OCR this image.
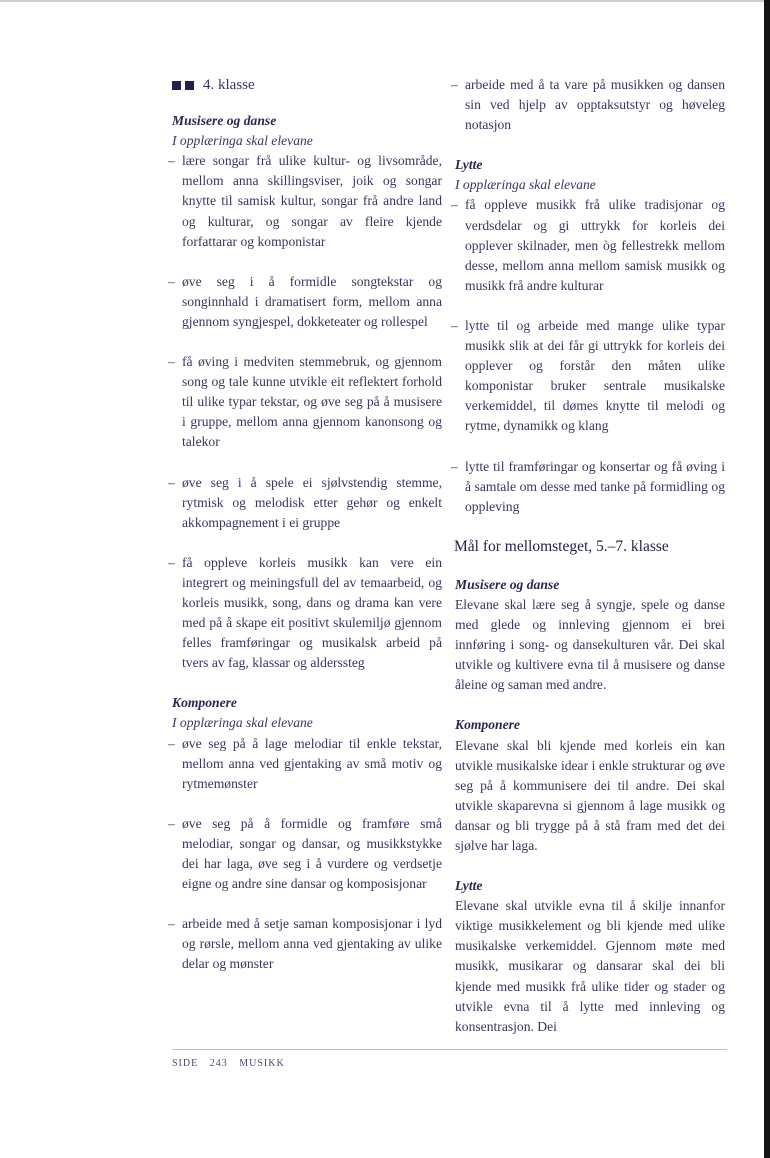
4. klasse

Musisere og danse

I opplæringa skal elevane

– lære songar frå ulike kultur- og livsområde, mellom anna skillingsviser, joik og songar knytte til samisk kultur, songar frå andre land og kulturar, og songar av fleire kjende forfattarar og komponistar
– øve seg i å formidle songtekstar og songinnhald i dramatisert form, mellom anna gjennom syngjespel, dokketeater og rollespel
– få øving i medviten stemmebruk, og gjennom song og tale kunne utvikle eit reflektert forhold til ulike typar tekstar, og øve seg på å musisere i gruppe, mellom anna gjennom kanonsong og talekor
– øve seg i å spele ei sjølvstendig stemme, rytmisk og melodisk etter gehør og enkelt akkompagnement i ei gruppe
– få oppleve korleis musikk kan vere ein integrert og meiningsfull del av temaarbeid, og korleis musikk, song, dans og drama kan vere med på å skape eit positivt skulemiljø gjennom felles framføringar og musikalsk arbeid på tvers av fag, klassar og alderssteg

Komponere

I opplæringa skal elevane

– øve seg på å lage melodiar til enkle tekstar, mellom anna ved gjentaking av små motiv og rytmemønster
– øve seg på å formidle og framføre små melodiar, songar og dansar, og musikkstykke dei har laga, øve seg i å vurdere og verdsetje eigne og andre sine dansar og komposisjonar
– arbeide med å setje saman komposisjonar i lyd og rørsle, mellom anna ved gjentaking av ulike delar og mønster
– arbeide med å ta vare på musikken og dansen sin ved hjelp av opptaksutstyr og høveleg notasjon

Lytte

I opplæringa skal elevane

– få oppleve musikk frå ulike tradisjonar og verdsdelar og gi uttrykk for korleis dei opplever skilnader, men òg fellestrekk mellom desse, mellom anna mellom samisk musikk og musikk frå andre kulturar
– lytte til og arbeide med mange ulike typar musikk slik at dei får gi uttrykk for korleis dei opplever og forstår den måten ulike komponistar bruker sentrale musikalske verkemiddel, til dømes knytte til melodi og rytme, dynamikk og klang
– lytte til framføringar og konsertar og få øving i å samtale om desse med tanke på formidling og oppleving
Mål for mellomsteget, 5.–7. klasse

Musisere og danse

Elevane skal lære seg å syngje, spele og danse med glede og innleving gjennom ei brei innføring i song- og dansekulturen vår. Dei skal utvikle og kultivere evna til å musisere og danse åleine og saman med andre.

Komponere

Elevane skal bli kjende med korleis ein kan utvikle musikalske idear i enkle strukturar og øve seg på å kommunisere dei til andre. Dei skal utvikle skaparevna si gjennom å lage musikk og dansar og bli trygge på å stå fram med det dei sjølve har laga.

Lytte

Elevane skal utvikle evna til å skilje innanfor viktige musikkelement og bli kjende med ulike musikalske verkemiddel. Gjennom møte med musikk, musikarar og dansarar skal dei bli kjende med musikk frå ulike tider og stader og utvikle evna til å lytte med innleving og konsentrasjon. Dei

SIDE 243 MUSIKK
